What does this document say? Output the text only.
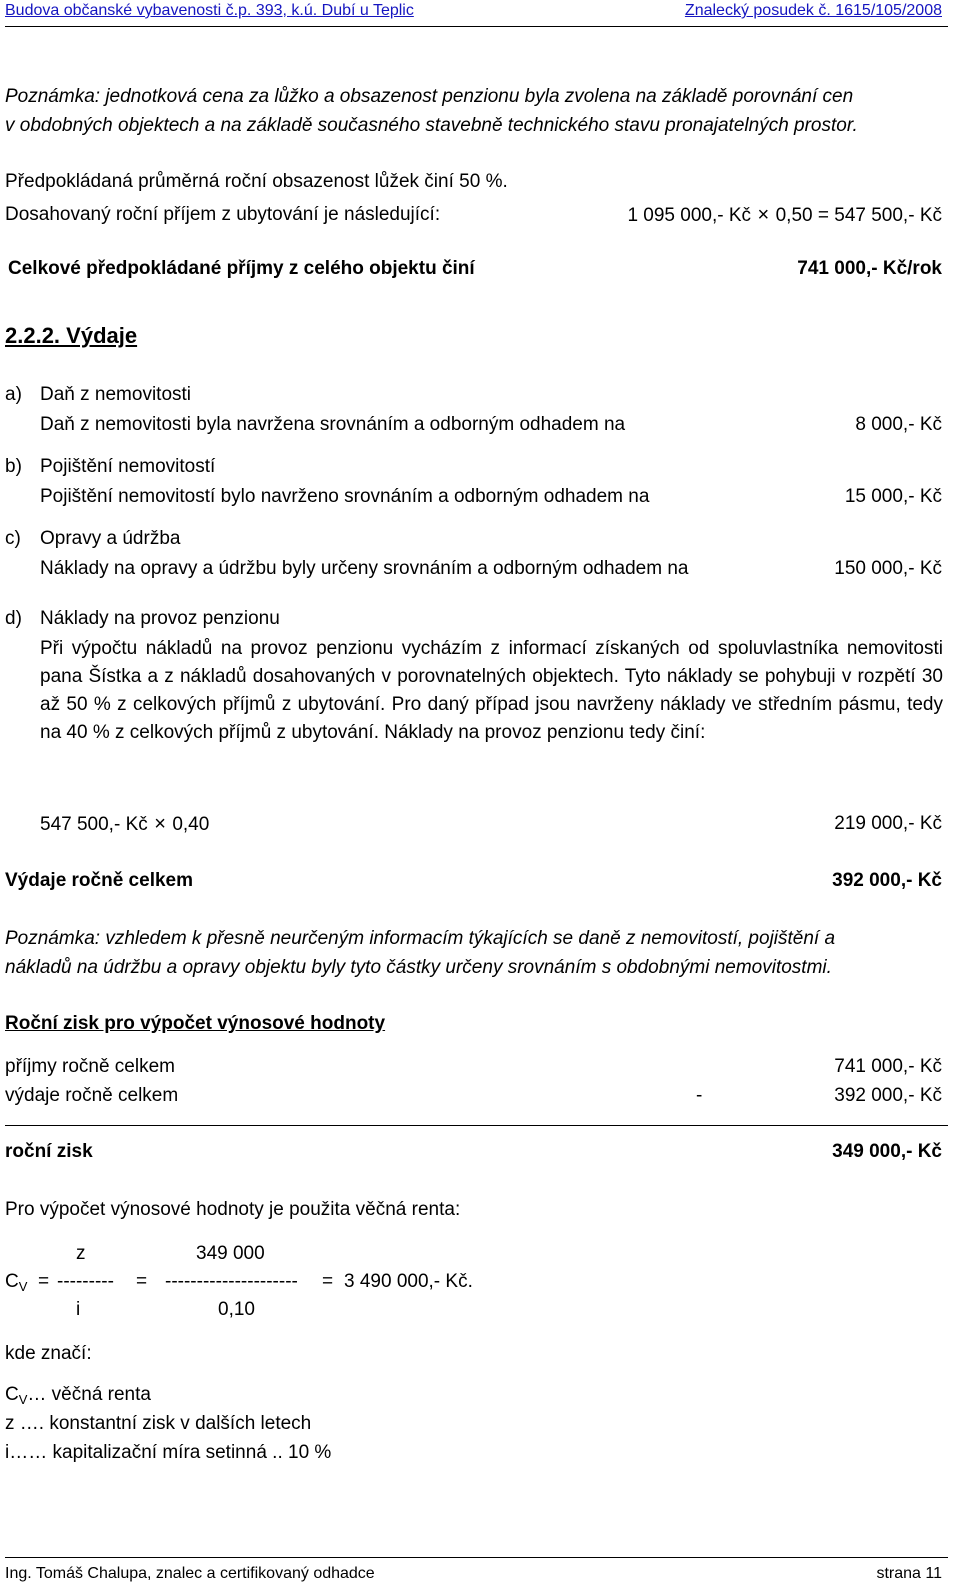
Budova občanské vybavenosti č.p. 393, k.ú. Dubí u Teplic	Znalecký posudek č. 1615/105/2008
Poznámka: jednotková cena za lůžko a obsazenost penzionu byla zvolena na základě porovnání cen
v obdobných objektech a na základě současného stavebně technického stavu pronajatelných prostor.
Předpokládaná průměrná roční obsazenost lůžek činí 50 %.
Dosahovaný roční příjem z ubytování je následující:	1 095 000,- Kč × 0,50 = 547 500,- Kč
Celkové předpokládané příjmy z celého objektu činí	741 000,- Kč/rok
2.2.2. Výdaje
a) Daň z nemovitosti
Daň z nemovitosti byla navržena srovnáním a odborným odhadem na	8 000,- Kč
b) Pojištění nemovitostí
Pojištění nemovitostí bylo navrženo srovnáním a odborným odhadem na	15 000,- Kč
c) Opravy a údržba
Náklady na opravy a údržbu byly určeny srovnáním a odborným odhadem na	150 000,- Kč
d) Náklady na provoz penzionu
Při výpočtu nákladů na provoz penzionu vycházím z informací získaných od spoluvlastníka nemovitosti pana Šístka a z nákladů dosahovaných v porovnatelných objektech. Tyto náklady se pohybuji v rozpětí 30 až 50 % z celkových příjmů z ubytování. Pro daný případ jsou navrženy náklady ve středním pásmu, tedy na 40 % z celkových příjmů z ubytování. Náklady na provoz penzionu tedy činí:
547 500,- Kč × 0,40	219 000,- Kč
Výdaje ročně celkem	392 000,- Kč
Poznámka: vzhledem k přesně neurčeným informacím týkajících se daně z nemovitostí, pojištění a
nákladů na údržbu a opravy objektu byly tyto částky určeny srovnáním s obdobnými nemovitostmi.
Roční zisk pro výpočet výnosové hodnoty
příjmy ročně celkem	741 000,- Kč
výdaje ročně celkem	-	392 000,- Kč
roční zisk	349 000,- Kč
Pro výpočet výnosové hodnoty je použita věčná renta:
z	349 000
$C_V$ = --------- = --------------------- = 3 490 000,- Kč.
i	0,10
kde značí:
$C_V\dots$ věčná renta
z …. konstantní zisk v dalších letech
i…… kapitalizační míra setinná .. 10 %
Ing. Tomáš Chalupa, znalec a certifikovaný odhadce	strana 11
